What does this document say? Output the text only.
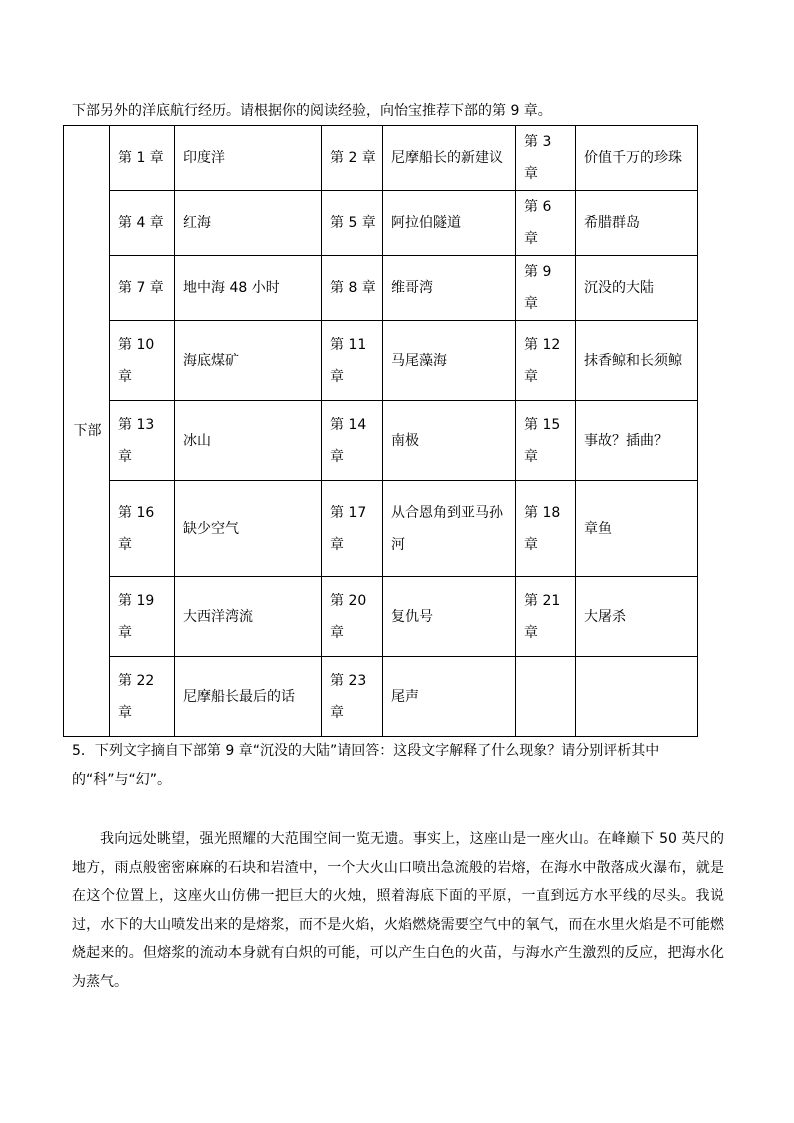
下部另外的洋底航行经历。请根据你的阅读经验，向怡宝推荐下部的第 9 章。
下部	第 1 章	印度洋	第 2 章	尼摩船长的新建议	第 3 章	价值千万的珍珠
	第 4 章	红海	第 5 章	阿拉伯隧道	第 6 章	希腊群岛
	第 7 章	地中海 48 小时	第 8 章	维哥湾	第 9 章	沉没的大陆
	第 10 章	海底煤矿	第 11 章	马尾藻海	第 12 章	抹香鲸和长须鲸
	第 13 章	冰山	第 14 章	南极	第 15 章	事故？插曲？
	第 16 章	缺少空气	第 17 章	从合恩角到亚马孙河	第 18 章	章鱼
	第 19 章	大西洋湾流	第 20 章	复仇号	第 21 章	大屠杀
	第 22 章	尼摩船长最后的话	第 23 章	尾声		
5．下列文字摘自下部第 9 章“沉没的大陆”请回答：这段文字解释了什么现象？请分别评析其中的“科”与“幻”。
我向远处眺望，强光照耀的大范围空间一览无遗。事实上，这座山是一座火山。在峰巅下 50 英尺的地方，雨点般密密麻麻的石块和岩渣中，一个大火山口喷出急流般的岩熔，在海水中散落成火瀑布，就是在这个位置上，这座火山仿佛一把巨大的火烛，照着海底下面的平原，一直到远方水平线的尽头。我说过，水下的大山喷发出来的是熔浆，而不是火焰，火焰燃烧需要空气中的氧气，而在水里火焰是不可能燃烧起来的。但熔浆的流动本身就有白炽的可能，可以产生白色的火苗，与海水产生激烈的反应，把海水化为蒸气。
